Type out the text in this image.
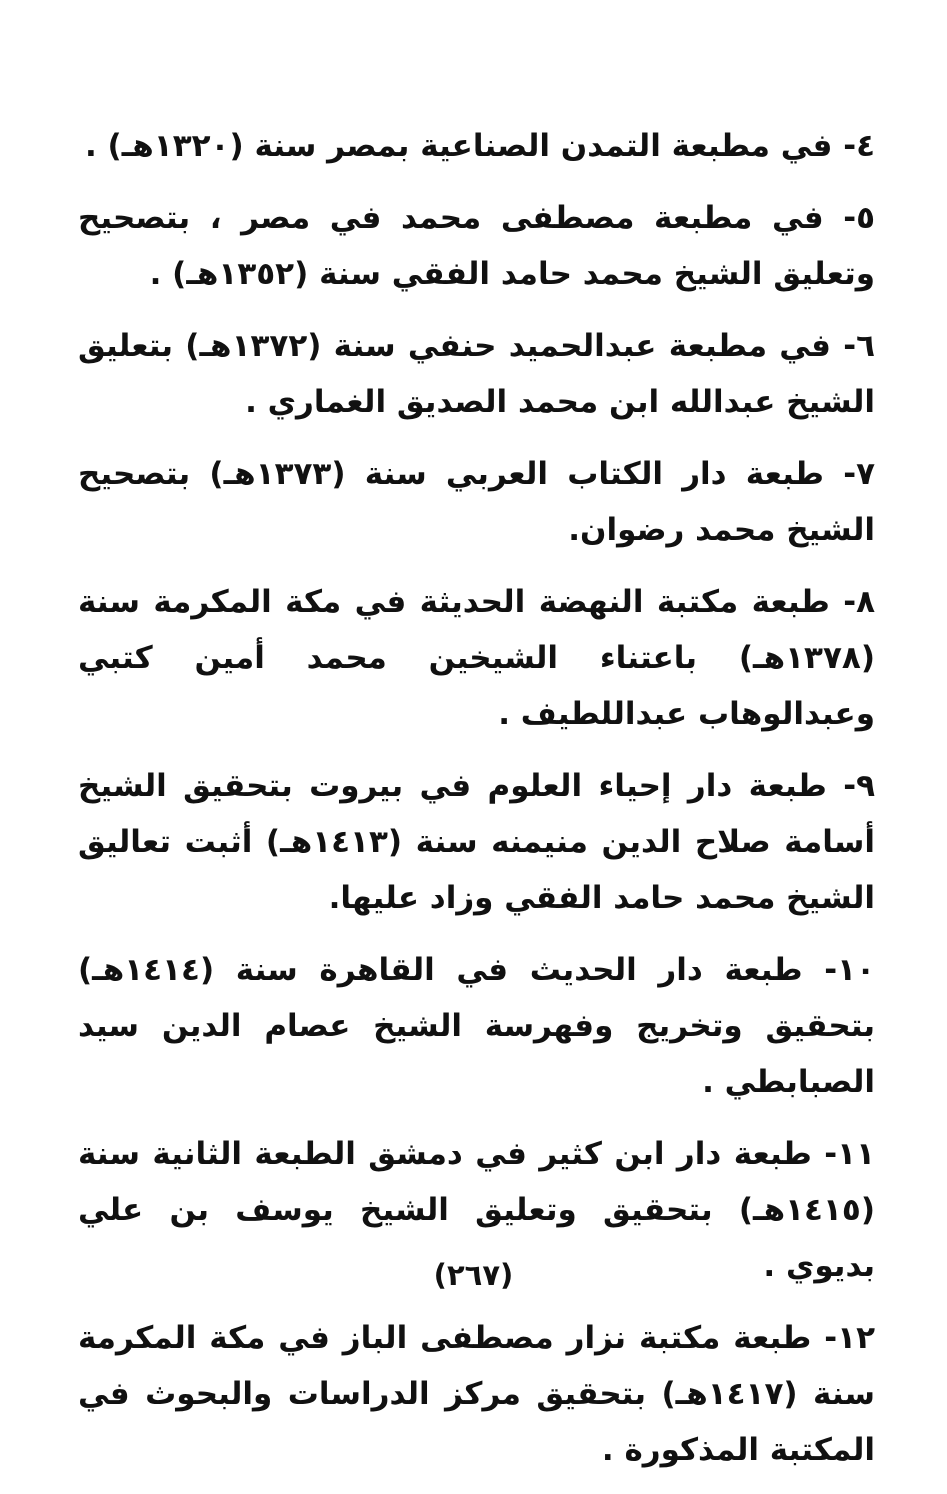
٤- في مطبعة التمدن الصناعية بمصر سنة (١٣٢٠هـ) .

٥- في مطبعة مصطفى محمد في مصر ، بتصحيح وتعليق الشيخ محمد حامد الفقي سنة (١٣٥٢هـ) .

٦- في مطبعة عبدالحميد حنفي سنة (١٣٧٢هـ) بتعليق الشيخ عبدالله ابن محمد الصديق الغماري .

٧- طبعة دار الكتاب العربي سنة (١٣٧٣هـ) بتصحيح الشيخ محمد رضوان.

٨- طبعة مكتبة النهضة الحديثة في مكة المكرمة سنة (١٣٧٨هـ) باعتناء الشيخين محمد أمين كتبي وعبدالوهاب عبداللطيف .

٩- طبعة دار إحياء العلوم في بيروت بتحقيق الشيخ أسامة صلاح الدين منيمنه سنة (١٤١٣هـ) أثبت تعاليق الشيخ محمد حامد الفقي وزاد عليها.

١٠- طبعة دار الحديث في القاهرة سنة (١٤١٤هـ) بتحقيق وتخريج وفهرسة الشيخ عصام الدين سيد الصبابطي .

١١- طبعة دار ابن كثير في دمشق الطبعة الثانية سنة (١٤١٥هـ) بتحقيق وتعليق الشيخ يوسف بن علي بديوي .

١٢- طبعة مكتبة نزار مصطفى الباز في مكة المكرمة سنة (١٤١٧هـ) بتحقيق مركز الدراسات والبحوث في المكتبة المذكورة .

(٢٦٧)
